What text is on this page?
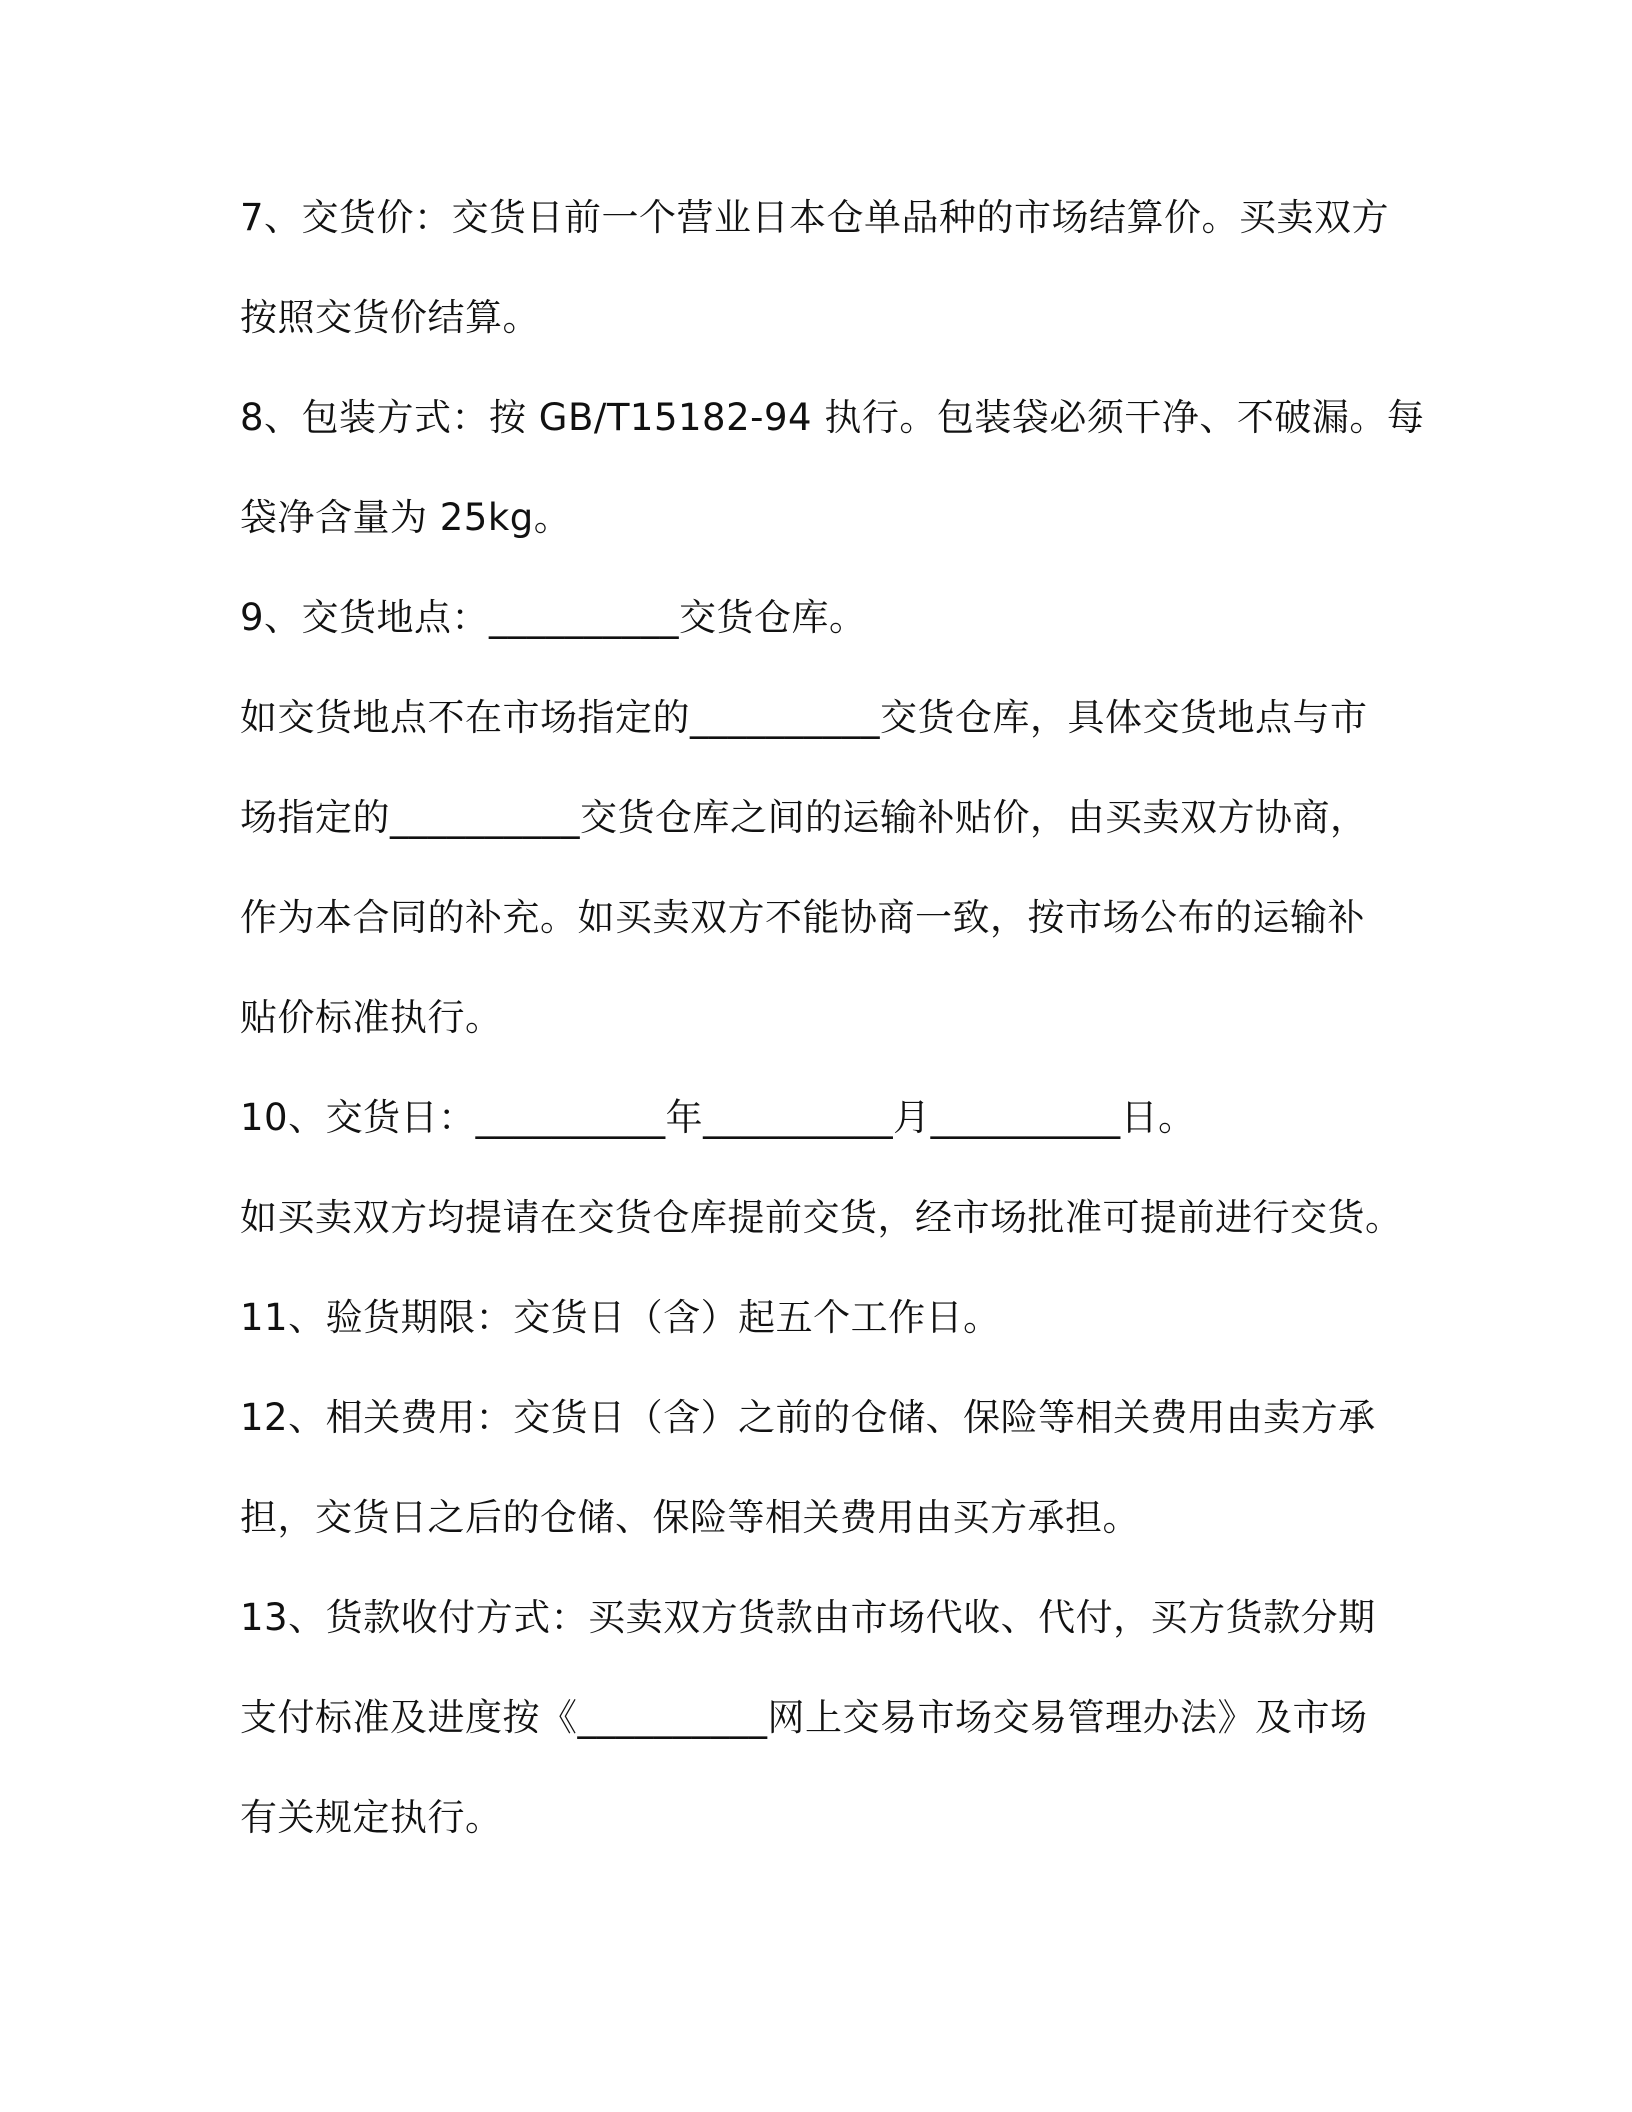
7、交货价：交货日前一个营业日本仓单品种的市场结算价。买卖双方
按照交货价结算。
8、包装方式：按 GB/T15182-94 执行。包装袋必须干净、不破漏。每
袋净含量为 25kg。
9、交货地点：__________交货仓库。
如交货地点不在市场指定的__________交货仓库，具体交货地点与市
场指定的__________交货仓库之间的运输补贴价，由买卖双方协商，
作为本合同的补充。如买卖双方不能协商一致，按市场公布的运输补
贴价标准执行。
10、交货日：__________年__________月__________日。
如买卖双方均提请在交货仓库提前交货，经市场批准可提前进行交货。
11、验货期限：交货日（含）起五个工作日。
12、相关费用：交货日（含）之前的仓储、保险等相关费用由卖方承
担，交货日之后的仓储、保险等相关费用由买方承担。
13、货款收付方式：买卖双方货款由市场代收、代付，买方货款分期
支付标准及进度按《__________网上交易市场交易管理办法》及市场
有关规定执行。
